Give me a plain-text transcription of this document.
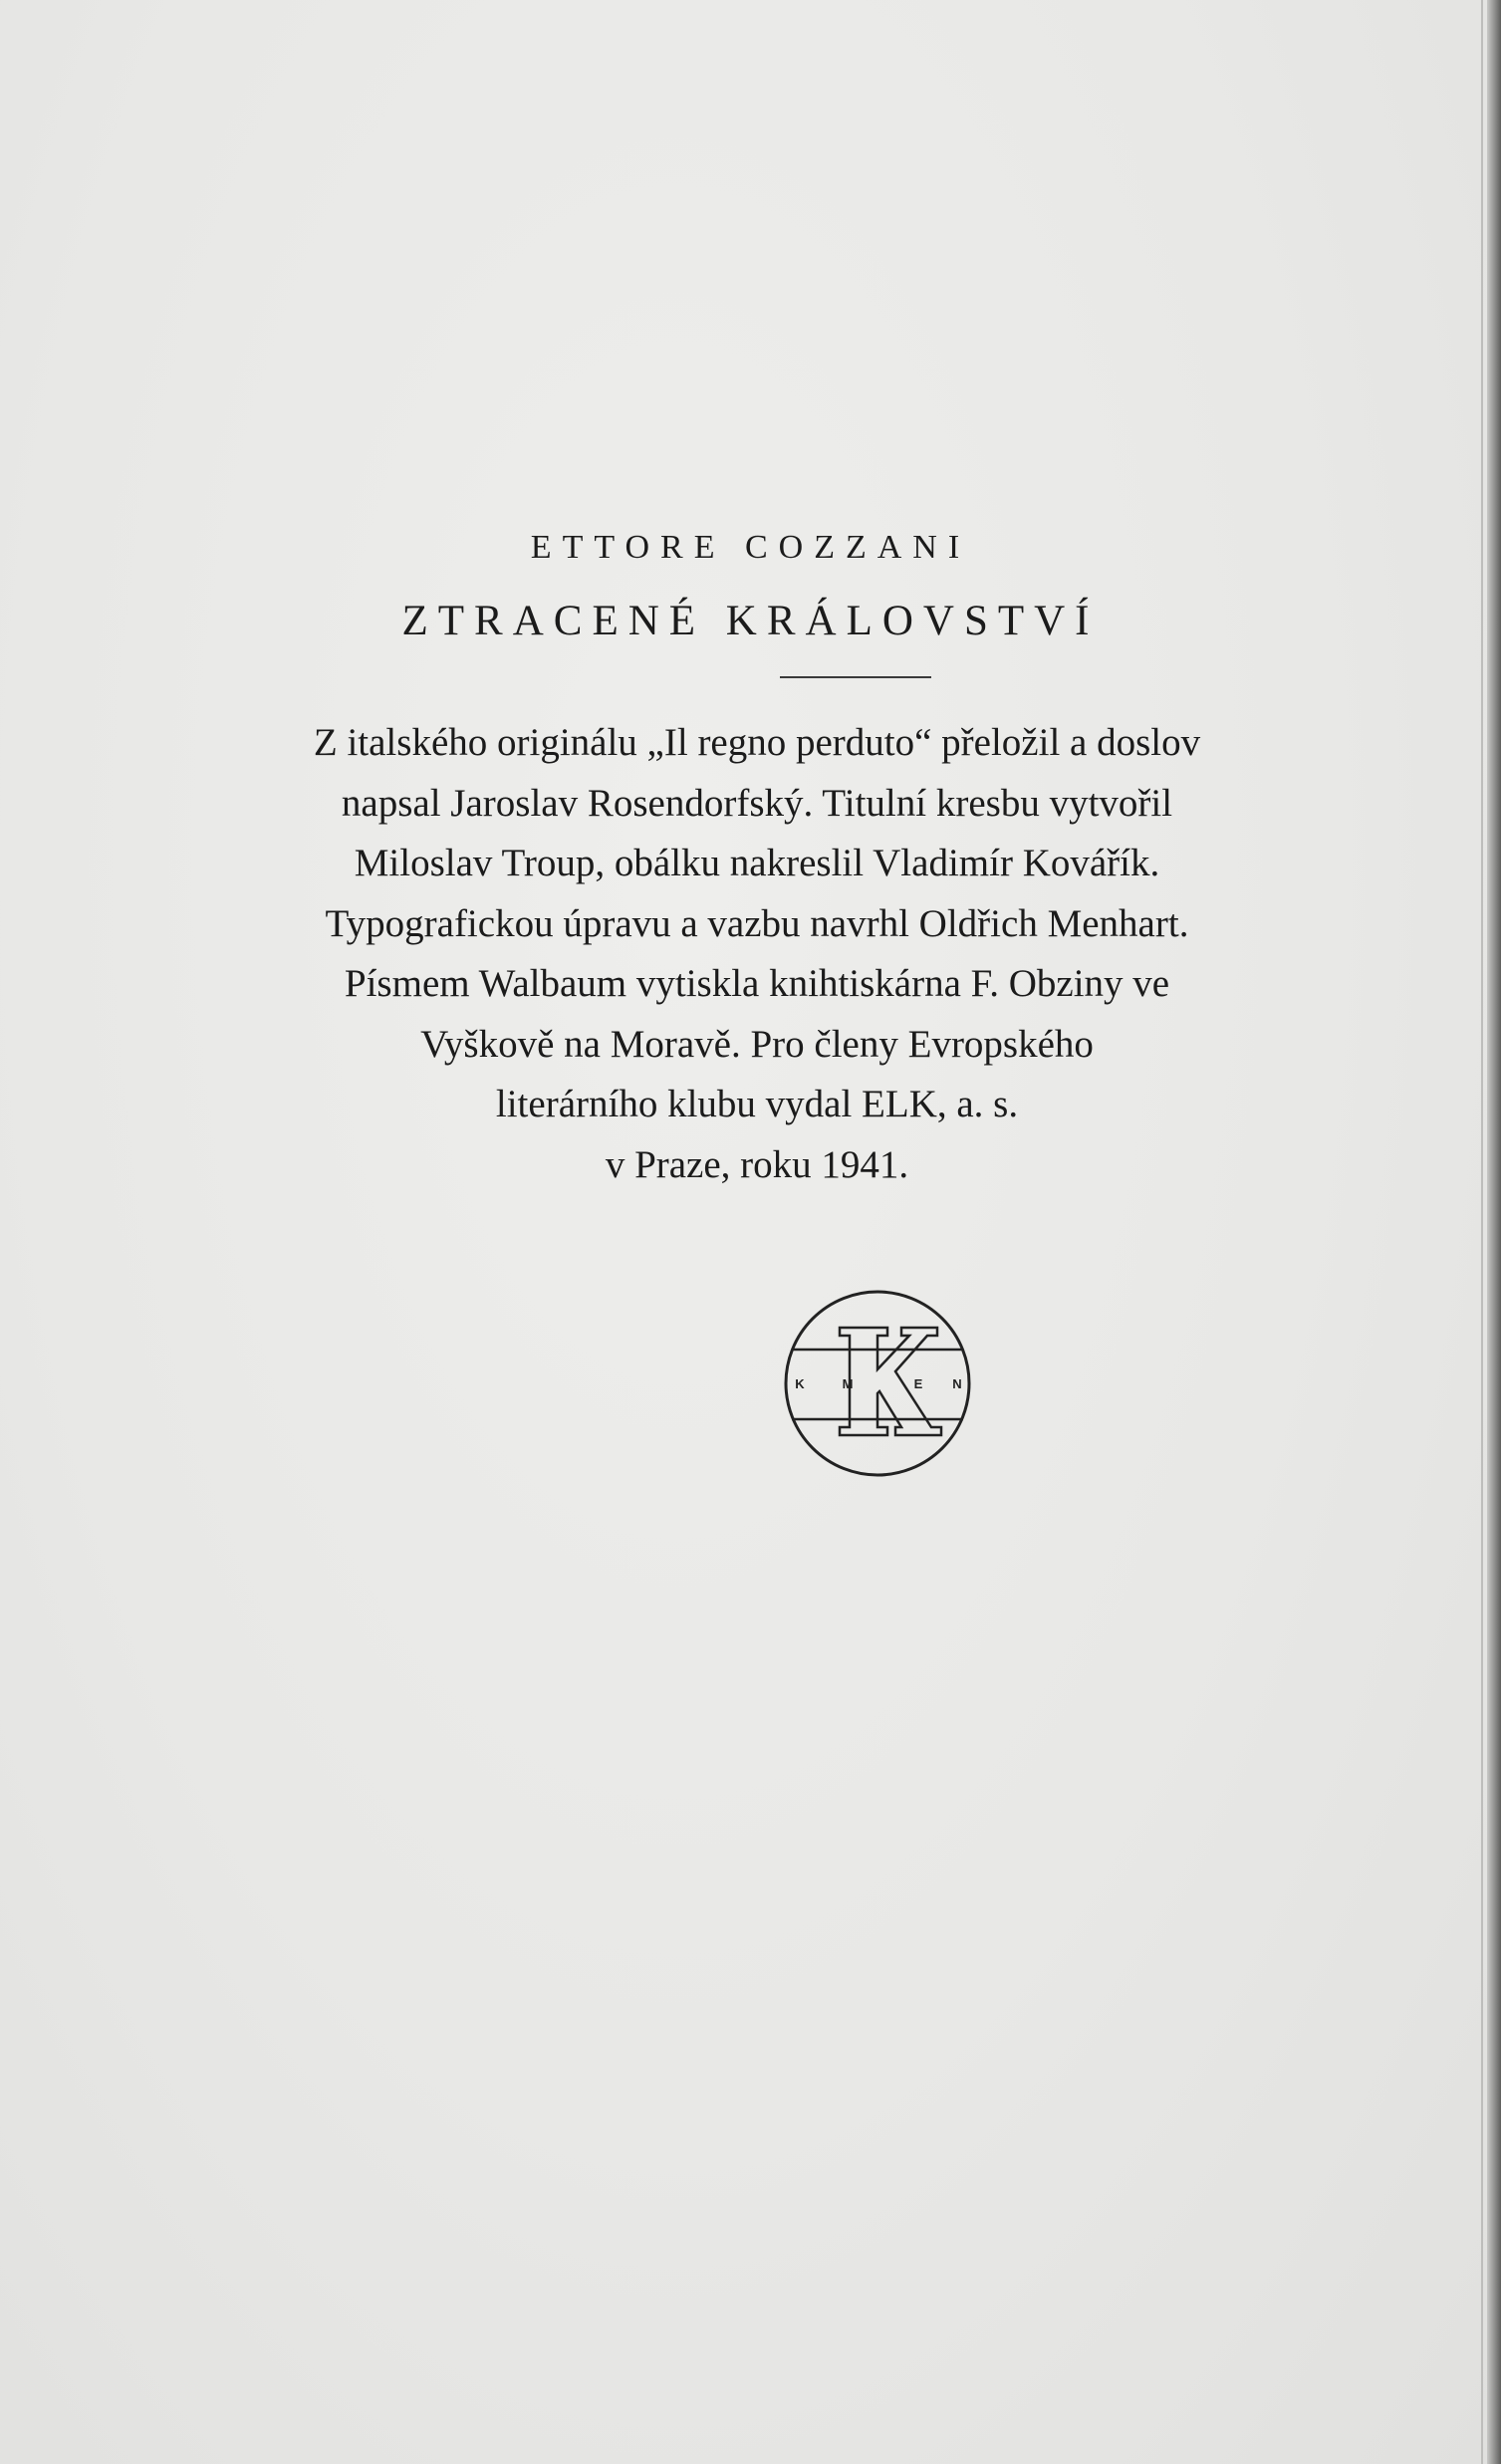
ETTORE COZZANI
ZTRACENÉ KRÁLOVSTVÍ
Z italského originálu „Il regno perduto“ přeložil a doslov
napsal Jaroslav Rosendorfský. Titulní kresbu vytvořil
Miloslav Troup, obálku nakreslil Vladimír Kovářík.
Typografickou úpravu a vazbu navrhl Oldřich Menhart.
Písmem Walbaum vytiskla knihtiskárna F. Obziny ve
Vyškově na Moravě. Pro členy Evropského
literárního klubu vydal ELK, a. s.
v Praze, roku 1941.
K	M	E N
